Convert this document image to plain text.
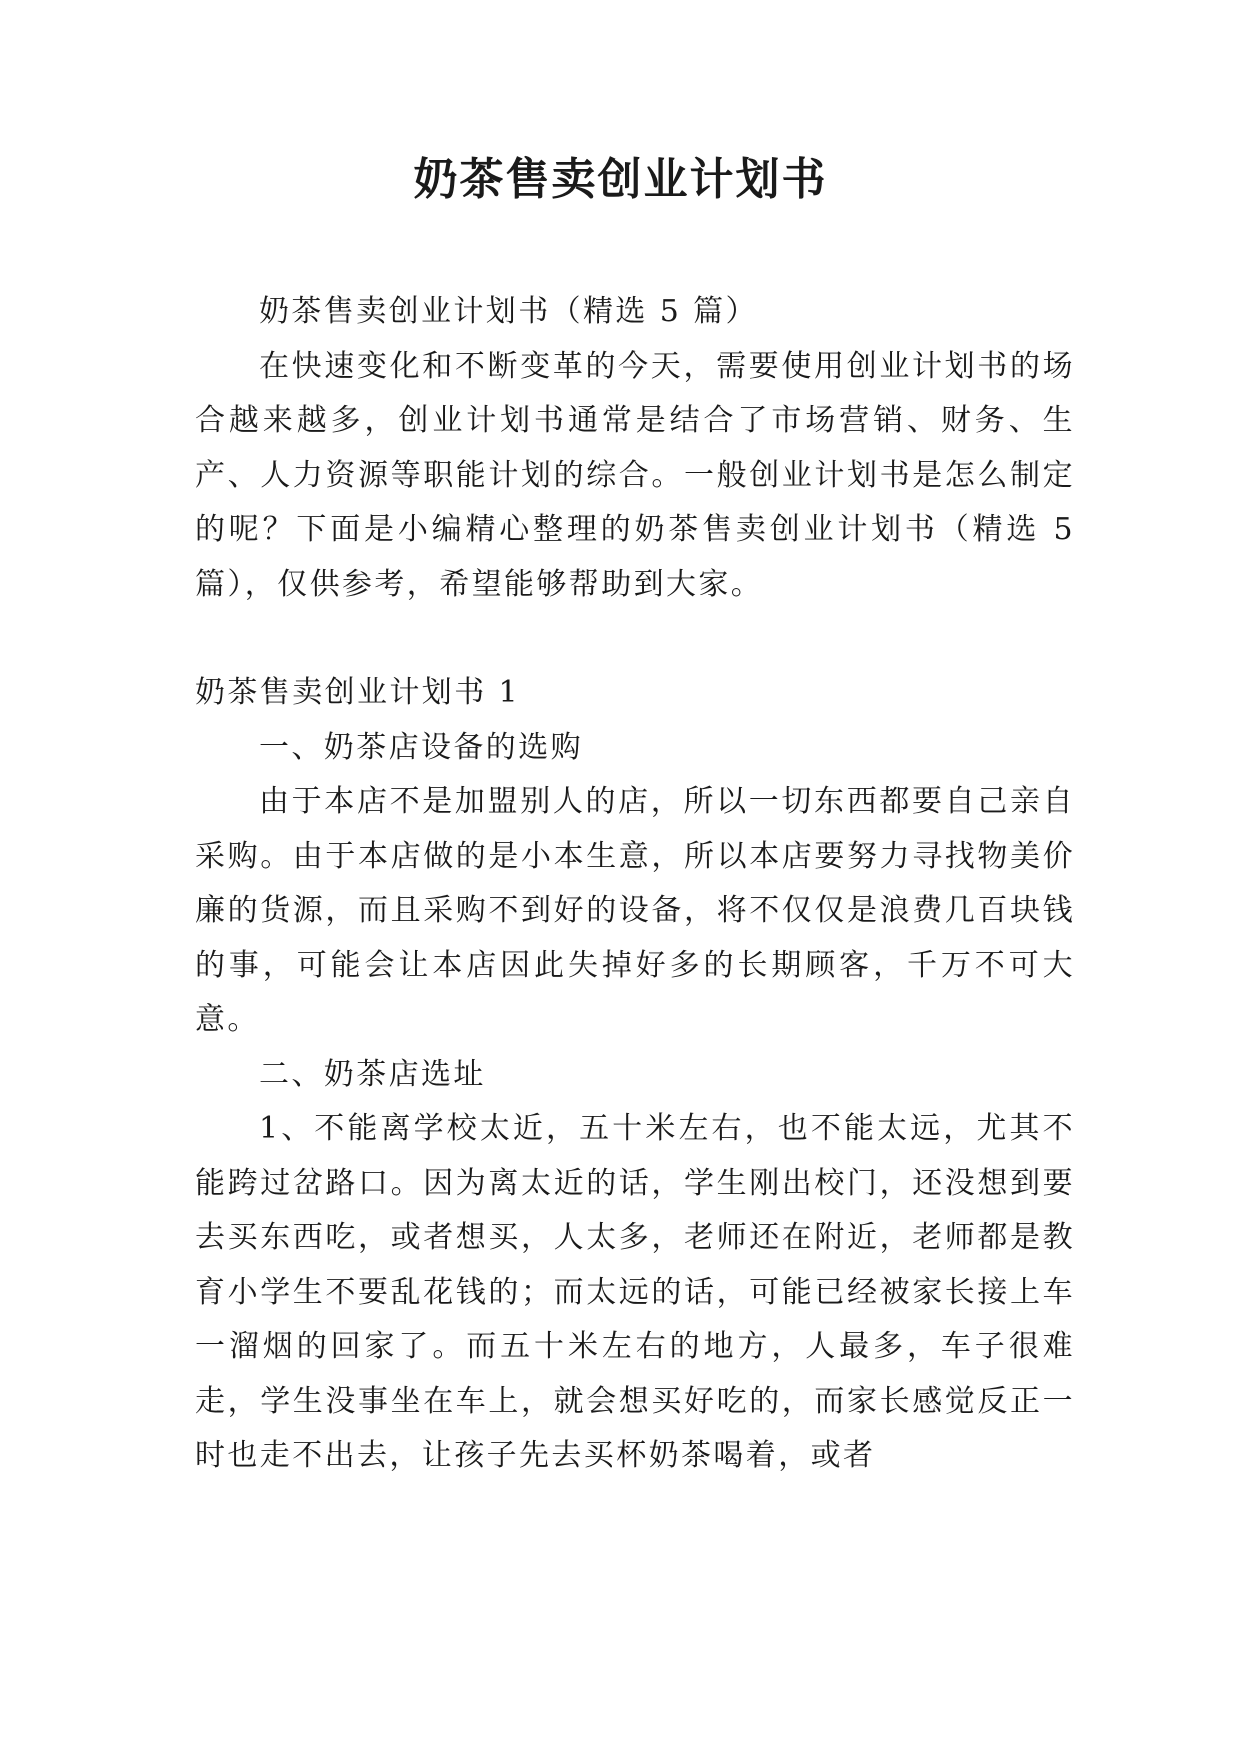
奶茶售卖创业计划书

奶茶售卖创业计划书（精选 5 篇）

在快速变化和不断变革的今天，需要使用创业计划书的场合越来越多，创业计划书通常是结合了市场营销、财务、生产、人力资源等职能计划的综合。一般创业计划书是怎么制定的呢？下面是小编精心整理的奶茶售卖创业计划书（精选 5 篇），仅供参考，希望能够帮助到大家。

奶茶售卖创业计划书 1

一、奶茶店设备的选购

由于本店不是加盟别人的店，所以一切东西都要自己亲自采购。由于本店做的是小本生意，所以本店要努力寻找物美价廉的货源，而且采购不到好的设备，将不仅仅是浪费几百块钱的事，可能会让本店因此失掉好多的长期顾客，千万不可大意。

二、奶茶店选址

1、不能离学校太近，五十米左右，也不能太远，尤其不能跨过岔路口。因为离太近的话，学生刚出校门，还没想到要去买东西吃，或者想买，人太多，老师还在附近，老师都是教育小学生不要乱花钱的；而太远的话，可能已经被家长接上车一溜烟的回家了。而五十米左右的地方，人最多，车子很难走，学生没事坐在车上，就会想买好吃的，而家长感觉反正一时也走不出去，让孩子先去买杯奶茶喝着，或者
